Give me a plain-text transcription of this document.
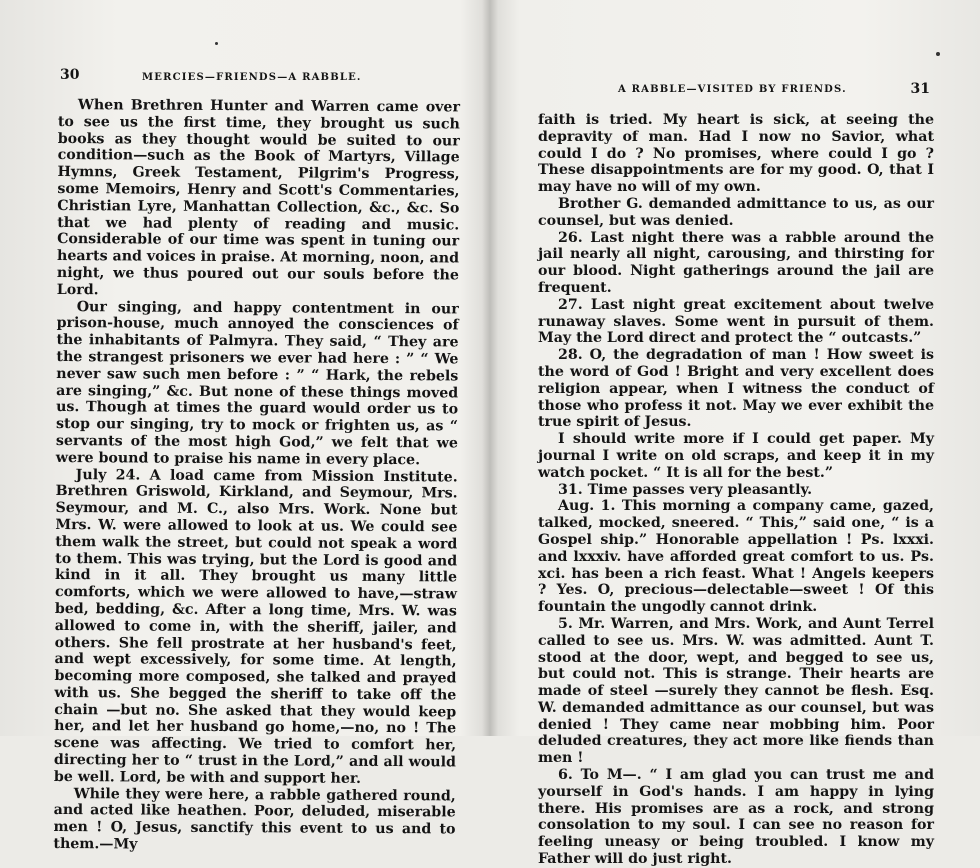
30	MERCIES—FRIENDS—A RABBLE.

When Brethren Hunter and Warren came over to see us the first time, they brought us such books as they thought would be suited to our condition—such as the Book of Martyrs, Village Hymns, Greek Testament, Pilgrim's Progress, some Memoirs, Henry and Scott's Commentaries, Christian Lyre, Manhattan Collection, &c., &c. So that we had plenty of reading and music. Considerable of our time was spent in tuning our hearts and voices in praise. At morning, noon, and night, we thus poured out our souls before the Lord.

Our singing, and happy contentment in our prison-house, much annoyed the consciences of the inhabitants of Palmyra. They said, “ They are the strangest prisoners we ever had here : ” “ We never saw such men before : ” “ Hark, the rebels are singing,” &c. But none of these things moved us. Though at times the guard would order us to stop our singing, try to mock or frighten us, as “ servants of the most high God,” we felt that we were bound to praise his name in every place.

July 24. A load came from Mission Institute. Brethren Griswold, Kirkland, and Seymour, Mrs. Seymour, and M. C., also Mrs. Work. None but Mrs. W. were allowed to look at us. We could see them walk the street, but could not speak a word to them. This was trying, but the Lord is good and kind in it all. They brought us many little comforts, which we were allowed to have,—straw bed, bedding, &c. After a long time, Mrs. W. was allowed to come in, with the sheriff, jailer, and others. She fell prostrate at her husband's feet, and wept excessively, for some time. At length, becoming more composed, she talked and prayed with us. She begged the sheriff to take off the chain —but no. She asked that they would keep her, and let her husband go home,—no, no ! The scene was affecting. We tried to comfort her, directing her to “ trust in the Lord,” and all would be well. Lord, be with and support her.

While they were here, a rabble gathered round, and acted like heathen. Poor, deluded, miserable men ! O, Jesus, sanctify this event to us and to them.—My

A RABBLE—VISITED BY FRIENDS.	31

faith is tried. My heart is sick, at seeing the depravity of man. Had I now no Savior, what could I do ? No promises, where could I go ? These disappointments are for my good. O, that I may have no will of my own.

Brother G. demanded admittance to us, as our counsel, but was denied.

26. Last night there was a rabble around the jail nearly all night, carousing, and thirsting for our blood. Night gatherings around the jail are frequent.

27. Last night great excitement about twelve runaway slaves. Some went in pursuit of them. May the Lord direct and protect the “ outcasts.”

28. O, the degradation of man ! How sweet is the word of God ! Bright and very excellent does religion appear, when I witness the conduct of those who profess it not. May we ever exhibit the true spirit of Jesus.

I should write more if I could get paper. My journal I write on old scraps, and keep it in my watch pocket. “ It is all for the best.”

31. Time passes very pleasantly.

Aug. 1. This morning a company came, gazed, talked, mocked, sneered. “ This,” said one, “ is a Gospel ship.” Honorable appellation ! Ps. lxxxi. and lxxxiv. have afforded great comfort to us. Ps. xci. has been a rich feast. What ! Angels keepers ? Yes. O, precious—delectable—sweet ! Of this fountain the ungodly cannot drink.

5. Mr. Warren, and Mrs. Work, and Aunt Terrel called to see us. Mrs. W. was admitted. Aunt T. stood at the door, wept, and begged to see us, but could not. This is strange. Their hearts are made of steel —surely they cannot be flesh. Esq. W. demanded admittance as our counsel, but was denied ! They came near mobbing him. Poor deluded creatures, they act more like fiends than men !

6. To M—. “ I am glad you can trust me and yourself in God's hands. I am happy in lying there. His promises are as a rock, and strong consolation to my soul. I can see no reason for feeling uneasy or being troubled. I know my Father will do just right.
